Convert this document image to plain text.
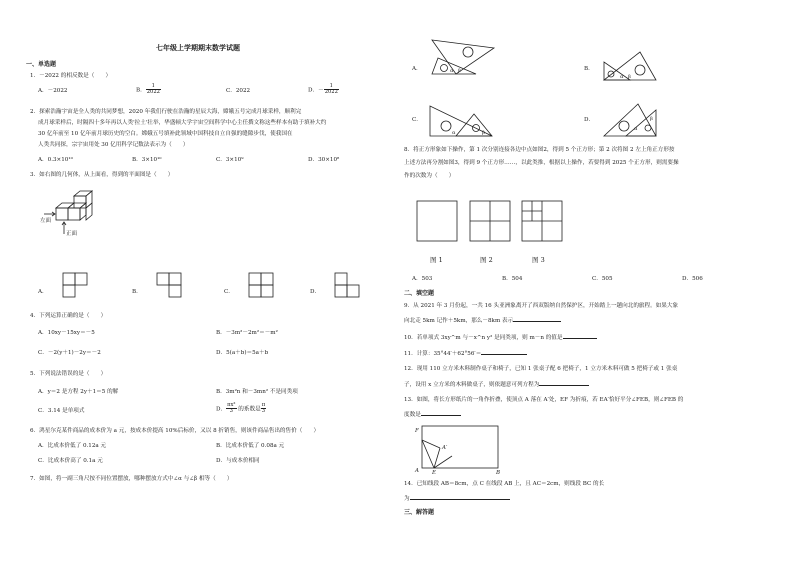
七年级上学期期末数学试题
一、单选题
1．－2022 的相反数是（　　）
A．－2022	B． $\frac{1}{2022}$	C．2022	D．－ $\frac{1}{2022}$
2．探索浩瀚宇宙是全人类的共同梦想，2020 年我们行驶在浩瀚的星辰大海，嫦娥五号完成月球采样，顺利完
成月球采样后，时隔四十多年再以人类'拉土'壮举，华盛顿大学宇宙空间科学中心主任撰文称这些样本有助于填补大约
30 亿年前至 10 亿年前月球历史的空白。嫦娥五号填补此领域中国科技自立自强的缝隙步伐，使我国在
人类共同探，宗宇宙用处 30 亿用科学记数法表示为（　　）
A．0.3×10¹⁰	B．3×10¹⁰	C．3×10⁹	D．30×10⁸
3．如右图的几何体，从上面看，得到的平面图是（　　）
左面
正面
A．	B．	C．	D．
4．下列运算正确的是（　　）
A．10xy－15xy＝－5	B．－3m²－2m²＝－m²
C．－2(y＋1)－2y＝－2	D．5(a＋b)＝5a＋b
5．下列说法错误的是（　　）
A．y＝2 是方程 2y＋1＝5 的解	B．3m²n 和－3mn² 不是同类项
C．3.14 是单项式	D． $\frac{\text{πx²}}{3}$ 的系数是 $\frac{\pi}{3}$
6．鸿星尔克某件商品的成本价为 a 元，按成本价提高 10%后标价，又以 8 折销售，则该件商品售出的售价（　　）
A．比成本价低了 0.12a 元	B．比成本价低了 0.08a 元
C．比成本价高了 0.1a 元	D．与成本价相同
7．如图，将一副三角尺按不同位置摆放，哪种摆放方式中∠α 与∠β 相等（　　）
A．	α β	B．
α β
C．
α	β
D．
α
β
8．将正方形象如下操作，第 1 次分别连接各边中点如图2，得到 5 个正方形；第 2 次将图 2 左上角正方形按
上述方法再分割如图3，得到 9 个正方形……，以此类推，根据以上操作，若要得到 2025 个正方形，则需要操
作的次数为（　　）
图 1	图 2	图 3
A．503	B．504	C．505	D．506
二、填空题
9．从 2021 年 3 月份起，一共 16 头亚洲象离开了西双版纳自然保护区，开始踏上一趟向北的旅程。如果大象
向北走 5km 记作＋5km，那么－8km 表示
10．若单项式 3xy^m 与－x^n y² 是同类项，则 m－n 的值是
11．计算：35°44′＋62°56′＝
12．现用 110 立方米木料制作桌子和椅子，已知 1 张桌子配 6 把椅子，1 立方米木料可做 5 把椅子或 1 张桌
子，设用 x 立方米的木料做桌子，则依题意可列方程为
13．如图，将长方形纸片的一角作折叠，使顶点 A 落在 A′处，EF 为折痕，若 EA′恰好平分∠FEB，则∠FEB 的
度数是
F
A′
A E	B
14．已知线段 AB＝8cm，点 C 在线段 AB 上，且 AC＝2cm，则线段 BC 的长
为
三、解答题
